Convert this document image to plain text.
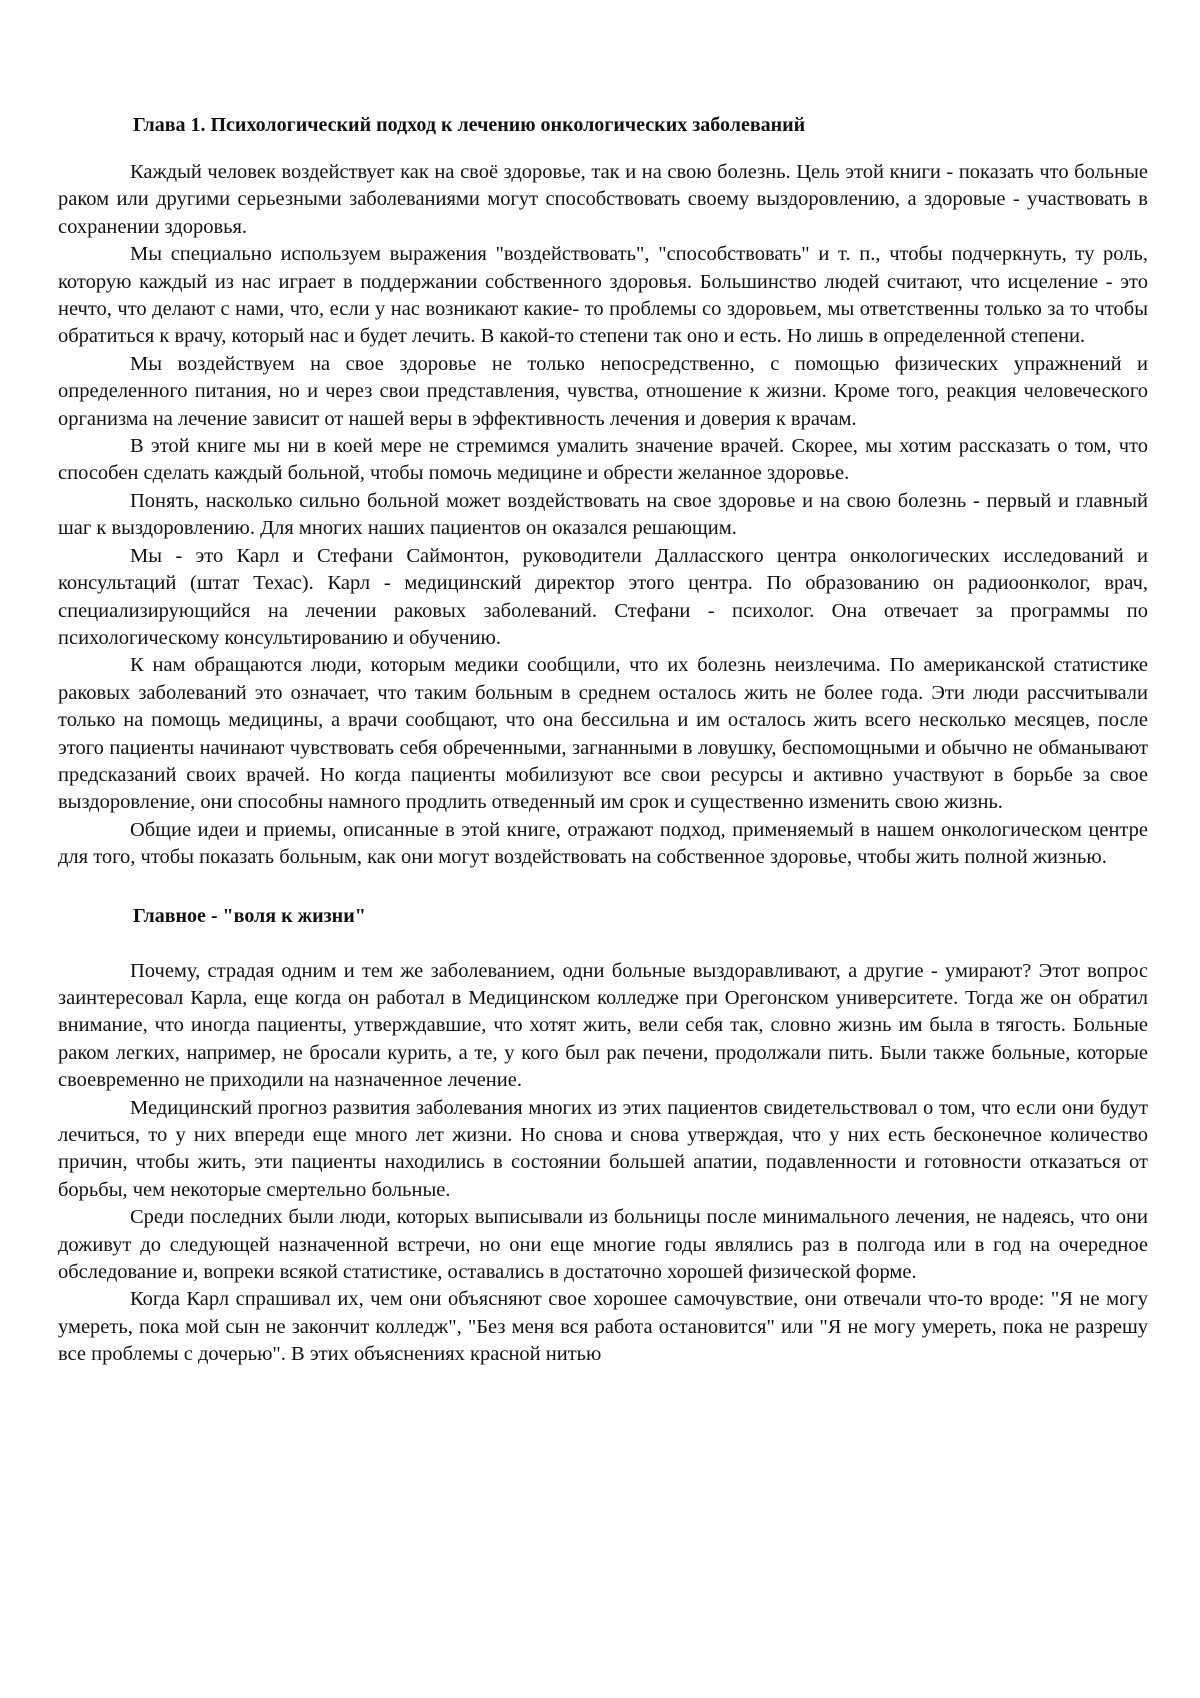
Глава 1. Психологический подход к лечению онкологических заболеваний

Каждый человек воздействует как на своё здоровье, так и на свою болезнь. Цель этой книги - показать что больные раком или другими серьезными заболеваниями могут способствовать своему выздоровлению, а здоровые - участвовать в сохранении здоровья.

Мы специально используем выражения "воздействовать", "способствовать" и т. п., чтобы подчеркнуть, ту роль, которую каждый из нас играет в поддержании собственного здоровья. Большинство людей считают, что исцеление - это нечто, что делают с нами, что, если у нас возникают какие- то проблемы со здоровьем, мы ответственны только за то чтобы обратиться к врачу, который нас и будет лечить. В какой-то степени так оно и есть. Но лишь в определенной степени.

Мы воздействуем на свое здоровье не только непосредственно, с помощью физических упражнений и определенного питания, но и через свои представления, чувства, отношение к жизни. Кроме того, реакция человеческого организма на лечение зависит от нашей веры в эффективность лечения и доверия к врачам.

В этой книге мы ни в коей мере не стремимся умалить значение врачей. Скорее, мы хотим рассказать о том, что способен сделать каждый больной, чтобы помочь медицине и обрести желанное здоровье.

Понять, насколько сильно больной может воздействовать на свое здоровье и на свою болезнь - первый и главный шаг к выздоровлению. Для многих наших пациентов он оказался решающим.

Мы - это Карл и Стефани Саймонтон, руководители Далласского центра онкологических исследований и консультаций (штат Техас). Карл - медицинский директор этого центра. По образованию он радиоонколог, врач, специализирующийся на лечении раковых заболеваний. Стефани - психолог. Она отвечает за программы по психологическому консультированию и обучению.

К нам обращаются люди, которым медики сообщили, что их болезнь неизлечима. По американской статистике раковых заболеваний это означает, что таким больным в среднем осталось жить не более года. Эти люди рассчитывали только на помощь медицины, а врачи сообщают, что она бессильна и им осталось жить всего несколько месяцев, после этого пациенты начинают чувствовать себя обреченными, загнанными в ловушку, беспомощными и обычно не обманывают предсказаний своих врачей. Но когда пациенты мобилизуют все свои ресурсы и активно участвуют в борьбе за свое выздоровление, они способны намного продлить отведенный им срок и существенно изменить свою жизнь.

Общие идеи и приемы, описанные в этой книге, отражают подход, применяемый в нашем онкологическом центре для того, чтобы показать больным, как они могут воздействовать на собственное здоровье, чтобы жить полной жизнью.

Главное - "воля к жизни"

Почему, страдая одним и тем же заболеванием, одни больные выздоравливают, а другие - умирают? Этот вопрос заинтересовал Карла, еще когда он работал в Медицинском колледже при Орегонском университете. Тогда же он обратил внимание, что иногда пациенты, утверждавшие, что хотят жить, вели себя так, словно жизнь им была в тягость. Больные раком легких, например, не бросали курить, а те, у кого был рак печени, продолжали пить. Были также больные, которые своевременно не приходили на назначенное лечение.

Медицинский прогноз развития заболевания многих из этих пациентов свидетельствовал о том, что если они будут лечиться, то у них впереди еще много лет жизни. Но снова и снова утверждая, что у них есть бесконечное количество причин, чтобы жить, эти пациенты находились в состоянии большей апатии, подавленности и готовности отказаться от борьбы, чем некоторые смертельно больные.

Среди последних были люди, которых выписывали из больницы после минимального лечения, не надеясь, что они доживут до следующей назначенной встречи, но они еще многие годы являлись раз в полгода или в год на очередное обследование и, вопреки всякой статистике, оставались в достаточно хорошей физической форме.

Когда Карл спрашивал их, чем они объясняют свое хорошее самочувствие, они отвечали что-то вроде: "Я не могу умереть, пока мой сын не закончит колледж", "Без меня вся работа остановится" или "Я не могу умереть, пока не разрешу все проблемы с дочерью". В этих объяснениях красной нитью
